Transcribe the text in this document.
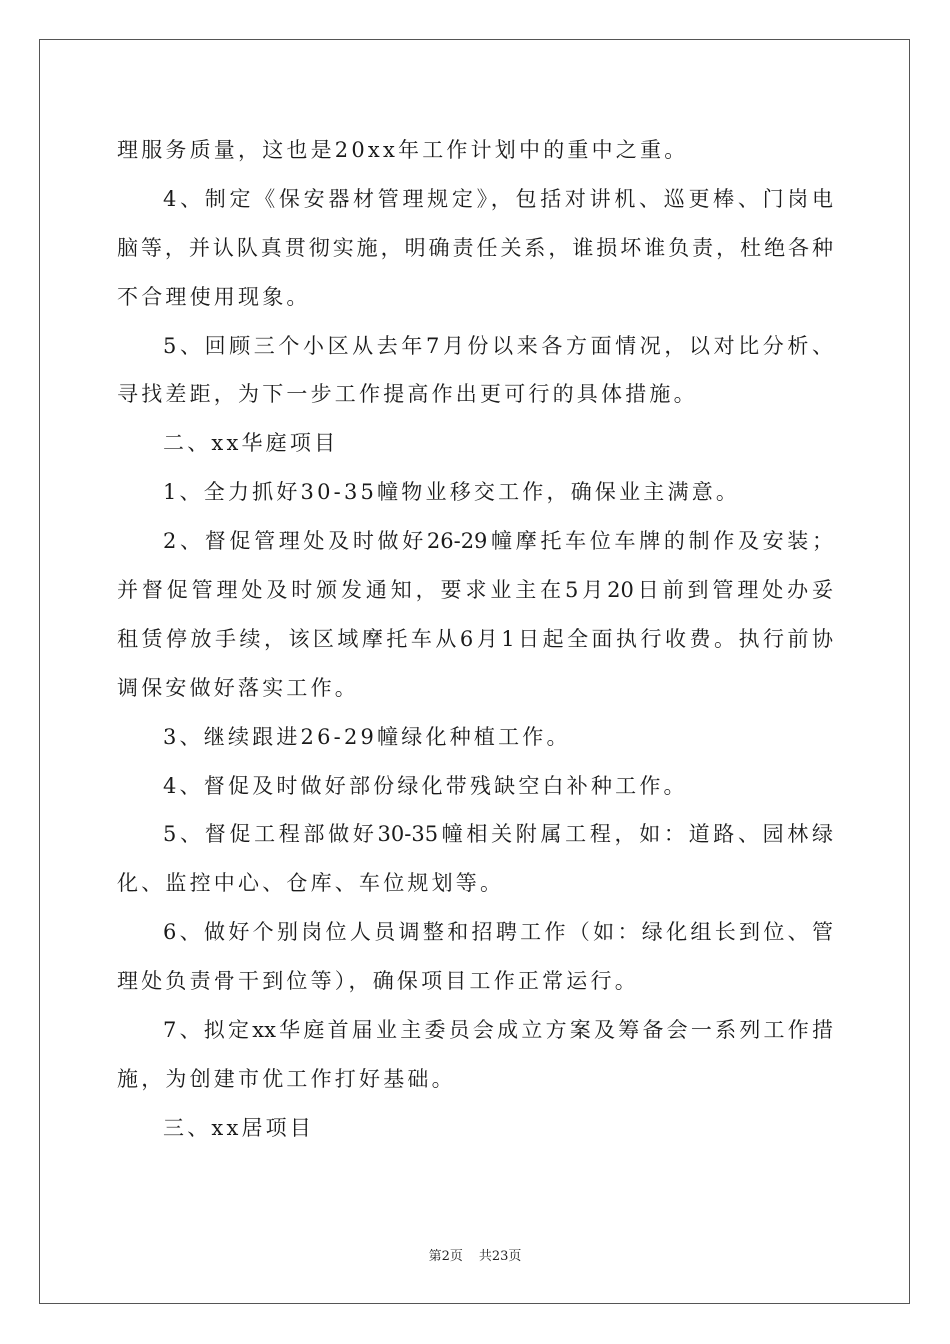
理服务质量，这也是20xx年工作计划中的重中之重。
4、制定《保安器材管理规定》，包括对讲机、巡更棒、门岗电
脑等，并认队真贯彻实施，明确责任关系，谁损坏谁负责，杜绝各种
不合理使用现象。
5、回顾三个小区从去年7月份以来各方面情况，以对比分析、
寻找差距，为下一步工作提高作出更可行的具体措施。
二、xx华庭项目
1、全力抓好30-35幢物业移交工作，确保业主满意。
2、督促管理处及时做好26-29幢摩托车位车牌的制作及安装；
并督促管理处及时颁发通知，要求业主在5月20日前到管理处办妥
租赁停放手续，该区域摩托车从6月1日起全面执行收费。执行前协
调保安做好落实工作。
3、继续跟进26-29幢绿化种植工作。
4、督促及时做好部份绿化带残缺空白补种工作。
5、督促工程部做好30-35幢相关附属工程，如：道路、园林绿
化、监控中心、仓库、车位规划等。
6、做好个别岗位人员调整和招聘工作（如：绿化组长到位、管
理处负责骨干到位等），确保项目工作正常运行。
7、拟定xx华庭首届业主委员会成立方案及筹备会一系列工作措
施，为创建市优工作打好基础。
三、xx居项目
第2页 共23页
